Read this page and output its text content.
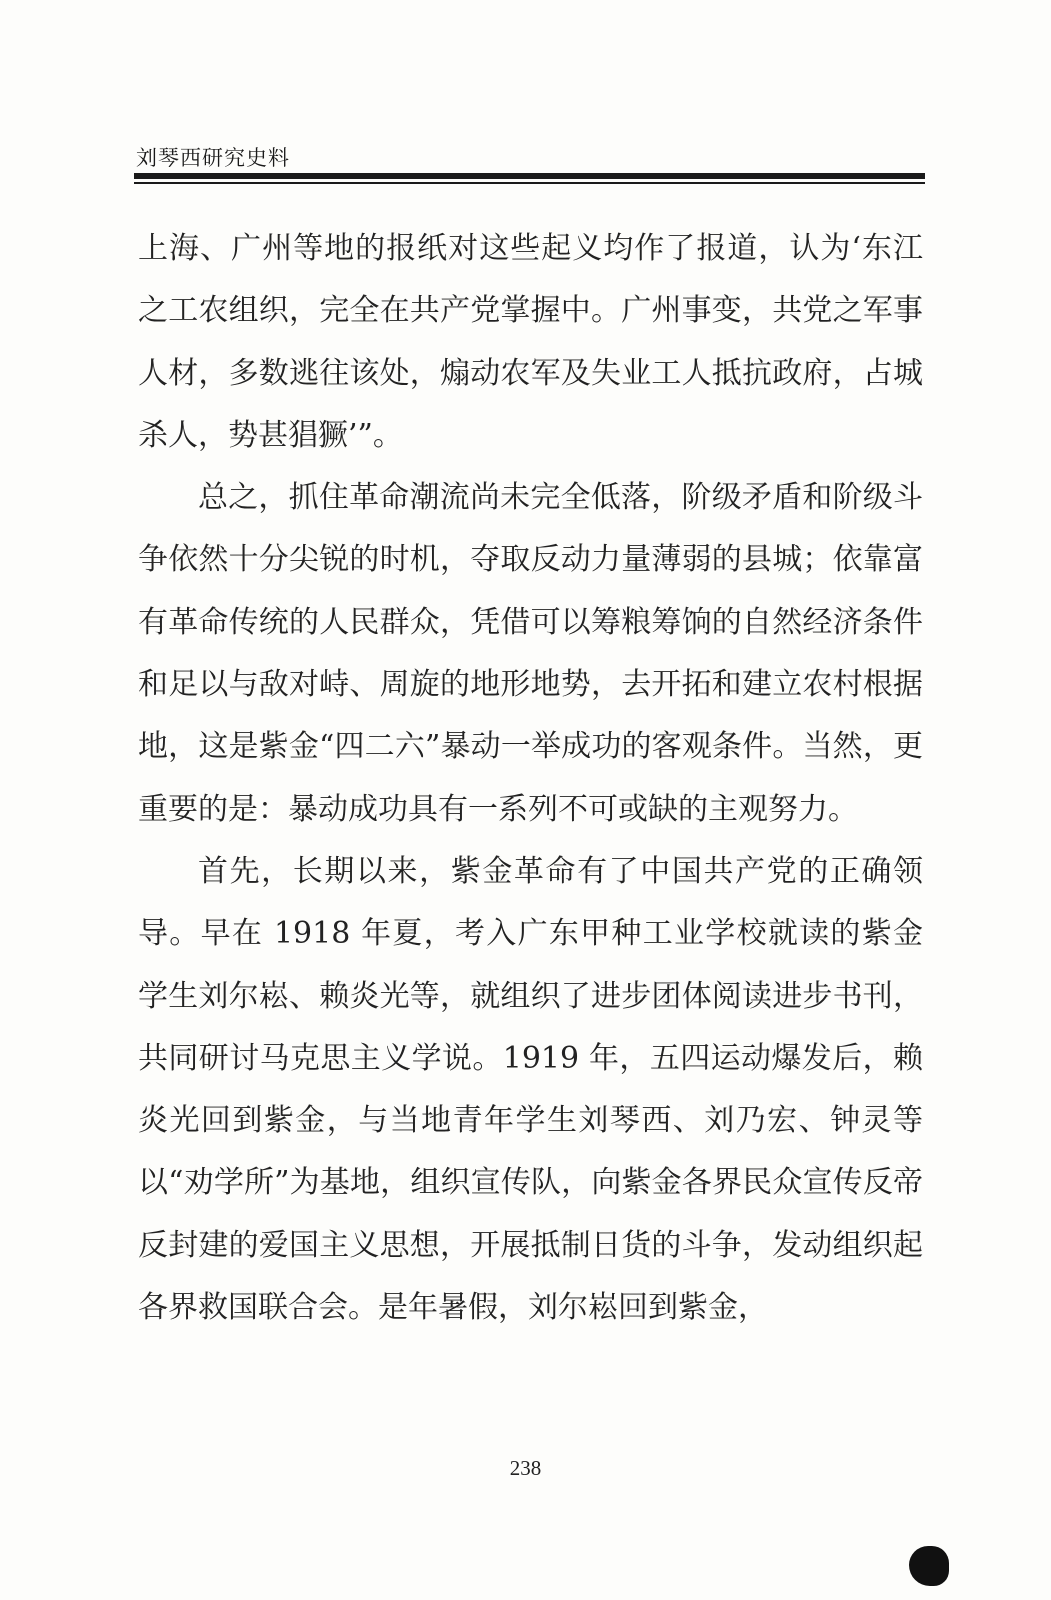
刘琴西研究史料

上海、广州等地的报纸对这些起义均作了报道，认为‘东江之工农组织，完全在共产党掌握中。广州事变，共党之军事人材，多数逃往该处，煽动农军及失业工人抵抗政府，占城杀人，势甚猖獗’”。

总之，抓住革命潮流尚未完全低落，阶级矛盾和阶级斗争依然十分尖锐的时机，夺取反动力量薄弱的县城；依靠富有革命传统的人民群众，凭借可以筹粮筹饷的自然经济条件和足以与敌对峙、周旋的地形地势，去开拓和建立农村根据地，这是紫金“四二六”暴动一举成功的客观条件。当然，更重要的是：暴动成功具有一系列不可或缺的主观努力。

首先，长期以来，紫金革命有了中国共产党的正确领导。早在 1918 年夏，考入广东甲种工业学校就读的紫金学生刘尔崧、赖炎光等，就组织了进步团体阅读进步书刊，共同研讨马克思主义学说。1919 年，五四运动爆发后，赖炎光回到紫金，与当地青年学生刘琴西、刘乃宏、钟灵等以“劝学所”为基地，组织宣传队，向紫金各界民众宣传反帝反封建的爱国主义思想，开展抵制日货的斗争，发动组织起各界救国联合会。是年暑假，刘尔崧回到紫金，

238
